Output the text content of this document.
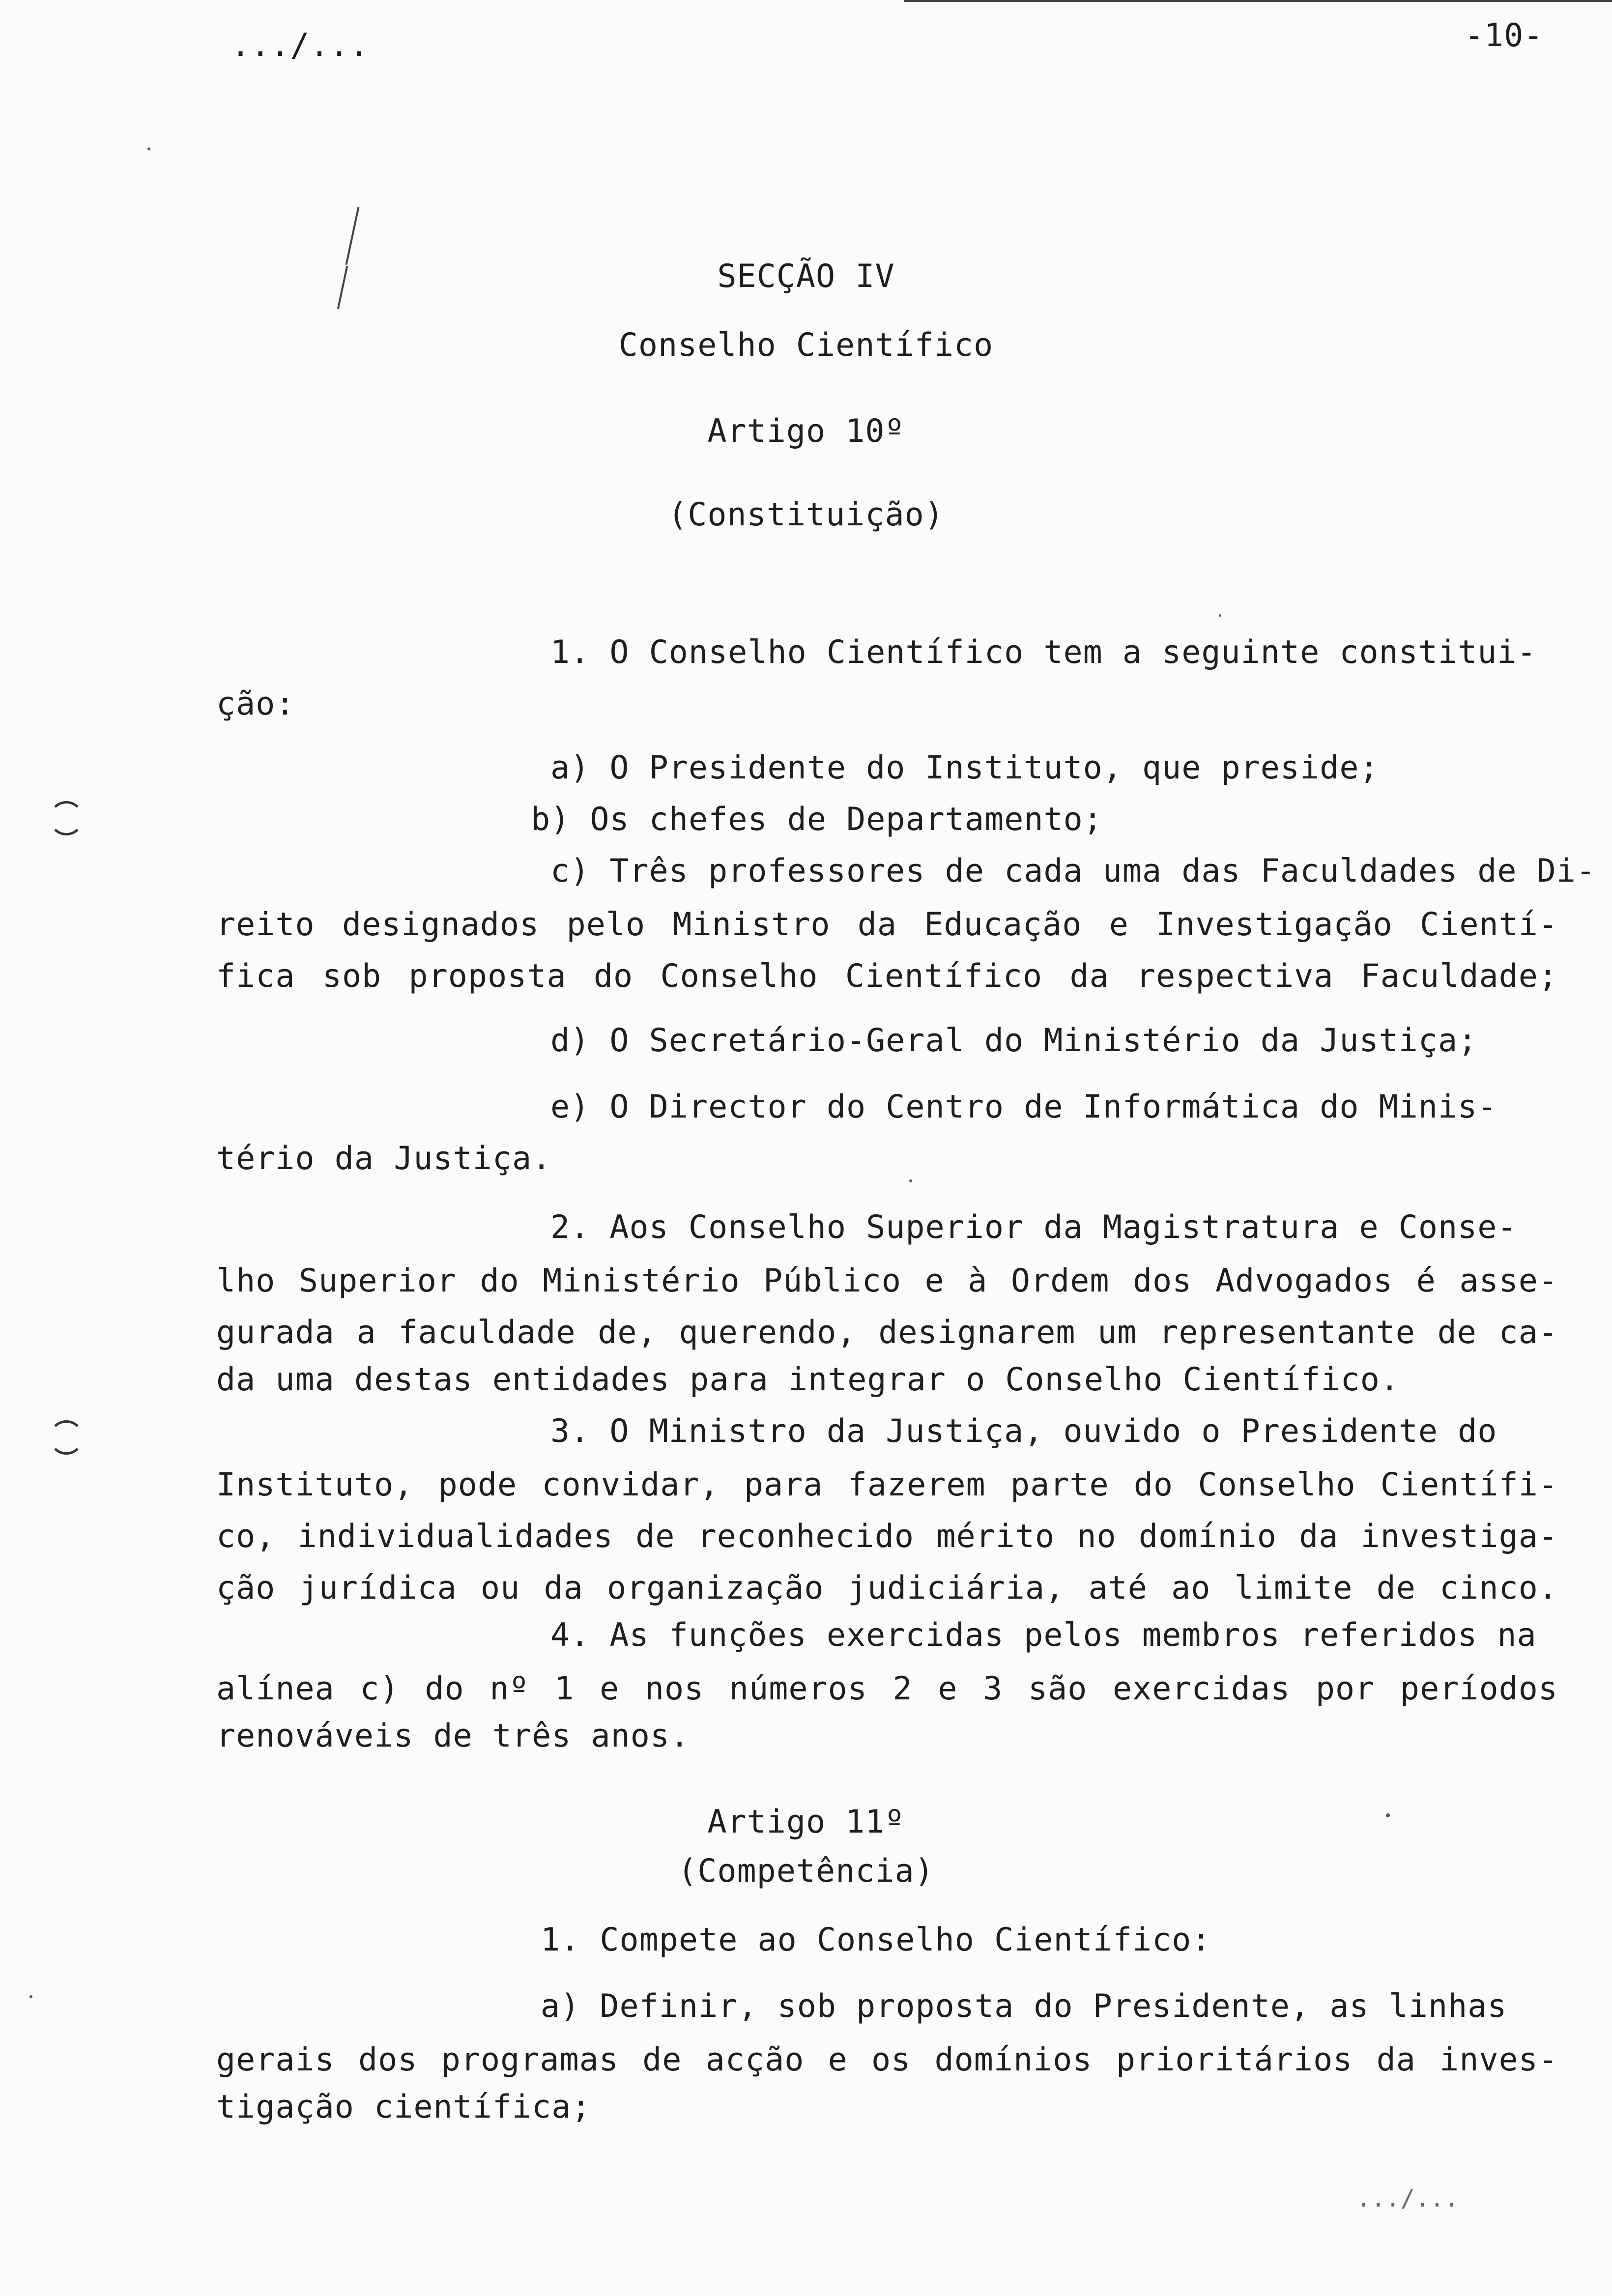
.../...	-10-
SECÇÃO IV
Conselho Científico
Artigo 10º
(Constituição)
1. O Conselho Científico tem a seguinte constitui-
ção:
a) O Presidente do Instituto, que preside;
b) Os chefes de Departamento;
c) Três professores de cada uma das Faculdades de Di-
reito designados pelo Ministro da Educação e Investigação Cientí-
fica sob proposta do Conselho Científico da respectiva Faculdade;
d) O Secretário-Geral do Ministério da Justiça;
e) O Director do Centro de Informática do Minis-
tério da Justiça.
2. Aos Conselho Superior da Magistratura e Conse-
lho Superior do Ministério Público e à Ordem dos Advogados é asse-
gurada a faculdade de, querendo, designarem um representante de ca-
da uma destas entidades para integrar o Conselho Científico.
3. O Ministro da Justiça, ouvido o Presidente do
Instituto, pode convidar, para fazerem parte do Conselho Científi-
co, individualidades de reconhecido mérito no domínio da investiga-
ção jurídica ou da organização judiciária, até ao limite de cinco.
4. As funções exercidas pelos membros referidos na
alínea c) do nº 1 e nos números 2 e 3 são exercidas por períodos
renováveis de três anos.
Artigo 11º
(Competência)
1. Compete ao Conselho Científico:
a) Definir, sob proposta do Presidente, as linhas
gerais dos programas de acção e os domínios prioritários da inves-
tigação científica;
.../...
